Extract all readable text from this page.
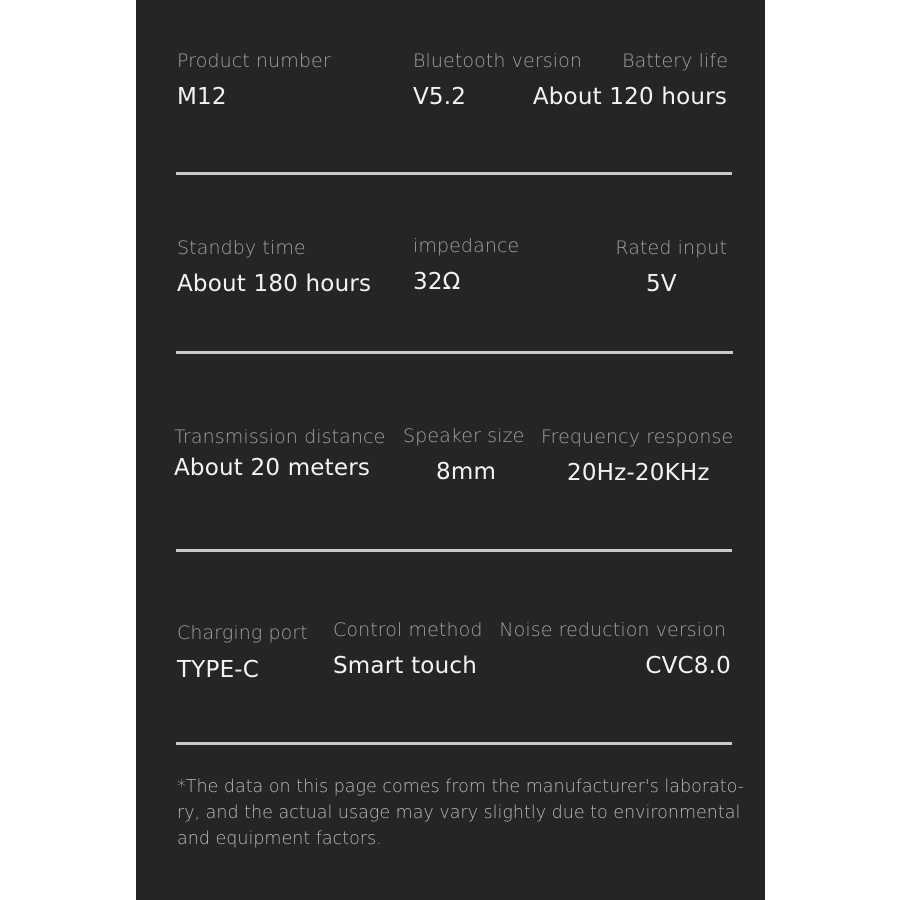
Product number
M12
Bluetooth version
V5.2
Battery life
About 120 hours
Standby time
About 180 hours
impedance
32Ω
Rated input
5V
Transmission distance
About 20 meters
Speaker size
8mm
Frequency response
20Hz-20KHz
Charging port
TYPE-C
Control method
Smart touch
Noise reduction version
CVC8.0
*The data on this page comes from the manufacturer's laborato-
ry, and the actual usage may vary slightly due to environmental
and equipment factors.
